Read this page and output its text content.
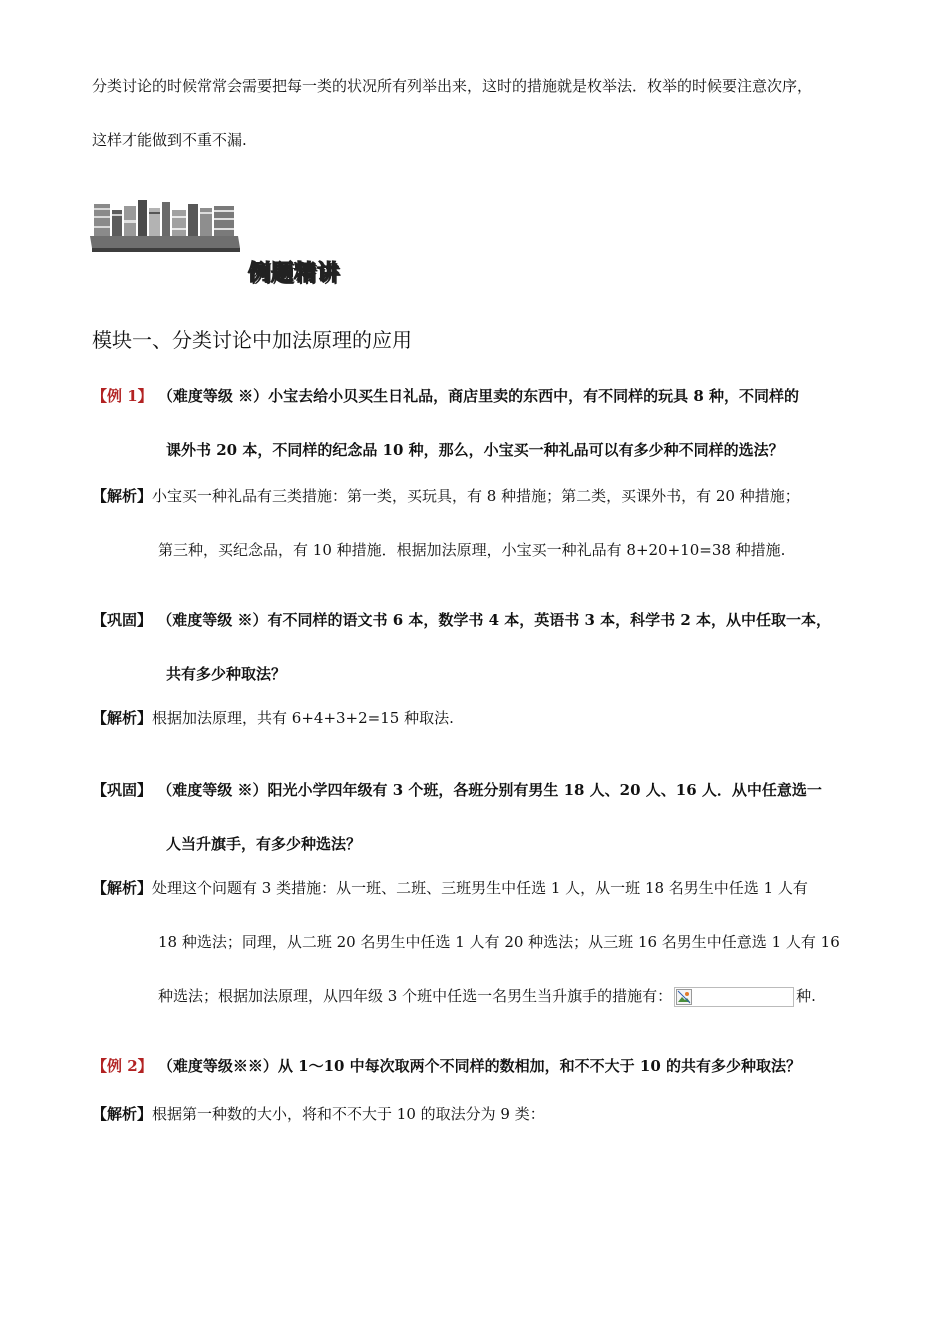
分类讨论的时候常常会需要把每一类的状况所有列举出来，这时的措施就是枚举法．枚举的时候要注意次序，
这样才能做到不重不漏.
例题精讲
模块一、分类讨论中加法原理的应用
【例 1】 （难度等级 ※）小宝去给小贝买生日礼品，商店里卖的东西中，有不同样的玩具 8 种，不同样的
课外书 20 本，不同样的纪念品 10 种，那么，小宝买一种礼品可以有多少种不同样的选法？
【解析】小宝买一种礼品有三类措施：第一类，买玩具，有 8 种措施；第二类，买课外书，有 20 种措施；
第三种，买纪念品，有 10 种措施．根据加法原理，小宝买一种礼品有 8+20+10=38 种措施.
【巩固】 （难度等级 ※）有不同样的语文书 6 本，数学书 4 本，英语书 3 本，科学书 2 本，从中任取一本，
共有多少种取法？
【解析】根据加法原理，共有 6+4+3+2=15 种取法.
【巩固】 （难度等级 ※）阳光小学四年级有 3 个班，各班分别有男生 18 人、20 人、16 人．从中任意选一
人当升旗手，有多少种选法？
【解析】处理这个问题有 3 类措施：从一班、二班、三班男生中任选 1 人，从一班 18 名男生中任选 1 人有
18 种选法；同理，从二班 20 名男生中任选 1 人有 20 种选法；从三班 16 名男生中任意选 1 人有 16
种选法；根据加法原理，从四年级 3 个班中任选一名男生当升旗手的措施有：	种.
【例 2】 （难度等级※※）从 1～10 中每次取两个不同样的数相加，和不不大于 10 的共有多少种取法？
【解析】根据第一种数的大小，将和不不大于 10 的取法分为 9 类：
